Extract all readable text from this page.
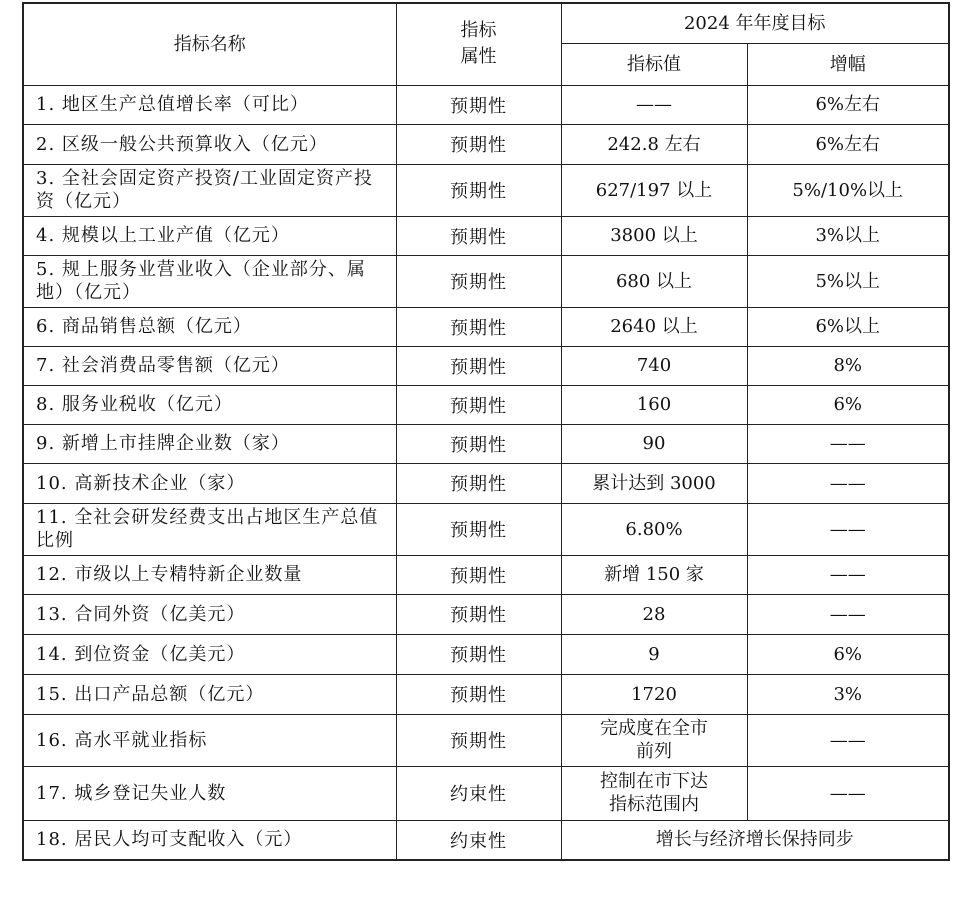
指标名称	指标属性	2024 年年度目标	
		指标值	增幅
1. 地区生产总值增长率（可比）	预期性	——	6%左右
2. 区级一般公共预算收入（亿元）	预期性	242.8 左右	6%左右
3. 全社会固定资产投资/工业固定资产投资（亿元）	预期性	627/197 以上	5%/10%以上
4. 规模以上工业产值（亿元）	预期性	3800 以上	3%以上
5. 规上服务业营业收入（企业部分、属地）（亿元）	预期性	680 以上	5%以上
6. 商品销售总额（亿元）	预期性	2640 以上	6%以上
7. 社会消费品零售额（亿元）	预期性	740	8%
8. 服务业税收（亿元）	预期性	160	6%
9. 新增上市挂牌企业数（家）	预期性	90	——
10. 高新技术企业（家）	预期性	累计达到 3000	——
11. 全社会研发经费支出占地区生产总值比例	预期性	6.80%	——
12. 市级以上专精特新企业数量	预期性	新增 150 家	——
13. 合同外资（亿美元）	预期性	28	——
14. 到位资金（亿美元）	预期性	9	6%
15. 出口产品总额（亿元）	预期性	1720	3%
16. 高水平就业指标	预期性	完成度在全市前列	——
17. 城乡登记失业人数	约束性	控制在市下达指标范围内	——
18. 居民人均可支配收入（元）	约束性	增长与经济增长保持同步	
